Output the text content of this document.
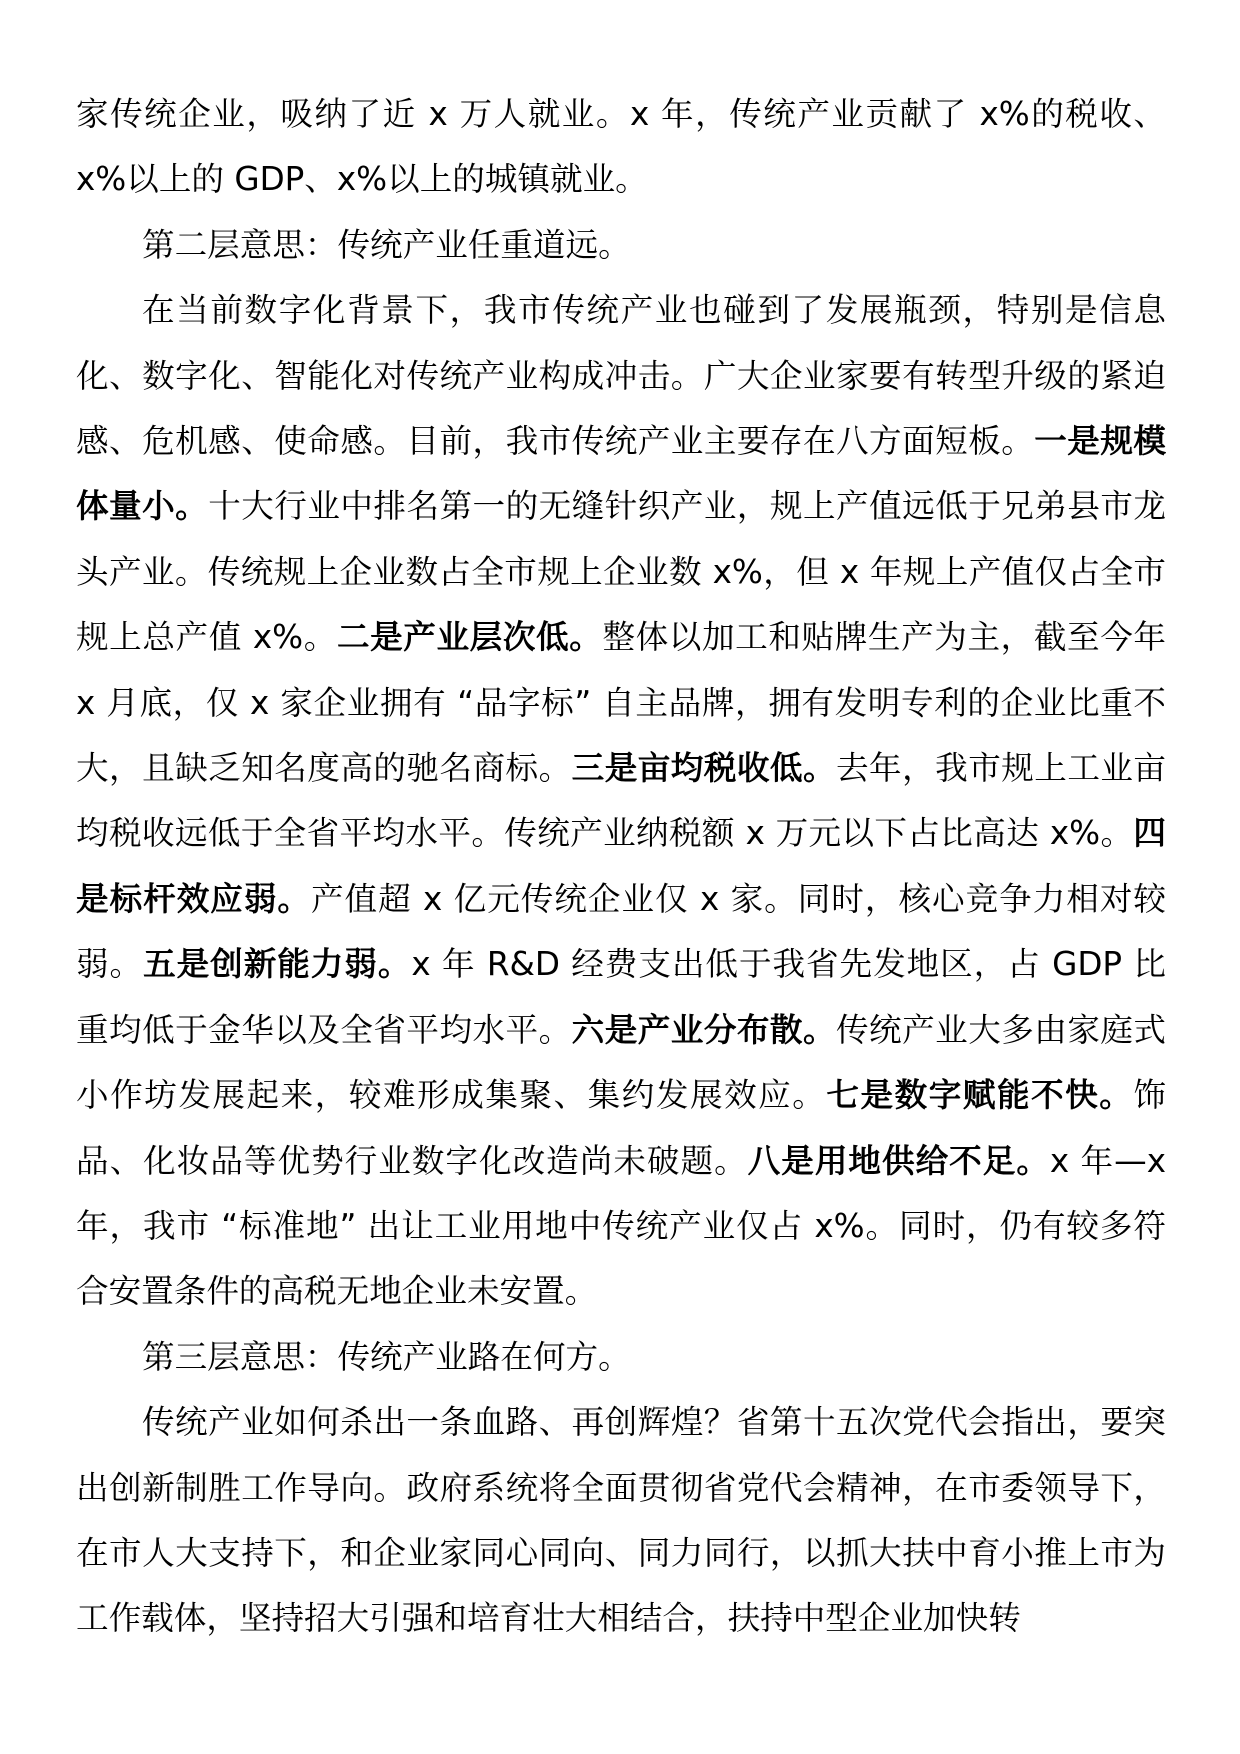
家传统企业，吸纳了近 x 万人就业。x 年，传统产业贡献了 x%的税收、x%以上的 GDP、x%以上的城镇就业。

第二层意思：传统产业任重道远。

在当前数字化背景下，我市传统产业也碰到了发展瓶颈，特别是信息化、数字化、智能化对传统产业构成冲击。广大企业家要有转型升级的紧迫感、危机感、使命感。目前，我市传统产业主要存在八方面短板。一是规模体量小。十大行业中排名第一的无缝针织产业，规上产值远低于兄弟县市龙头产业。传统规上企业数占全市规上企业数 x%，但 x 年规上产值仅占全市规上总产值 x%。二是产业层次低。整体以加工和贴牌生产为主，截至今年 x 月底，仅 x 家企业拥有 “品字标” 自主品牌，拥有发明专利的企业比重不大，且缺乏知名度高的驰名商标。三是亩均税收低。去年，我市规上工业亩均税收远低于全省平均水平。传统产业纳税额 x 万元以下占比高达 x%。四是标杆效应弱。产值超 x 亿元传统企业仅 x 家。同时，核心竞争力相对较弱。五是创新能力弱。x 年 R&D 经费支出低于我省先发地区，占 GDP 比重均低于金华以及全省平均水平。六是产业分布散。传统产业大多由家庭式小作坊发展起来，较难形成集聚、集约发展效应。七是数字赋能不快。饰品、化妆品等优势行业数字化改造尚未破题。八是用地供给不足。x 年—x 年，我市 “标准地” 出让工业用地中传统产业仅占 x%。同时，仍有较多符合安置条件的高税无地企业未安置。

第三层意思：传统产业路在何方。

传统产业如何杀出一条血路、再创辉煌？省第十五次党代会指出，要突出创新制胜工作导向。政府系统将全面贯彻省党代会精神，在市委领导下，在市人大支持下，和企业家同心同向、同力同行，以抓大扶中育小推上市为工作载体，坚持招大引强和培育壮大相结合，扶持中型企业加快转
